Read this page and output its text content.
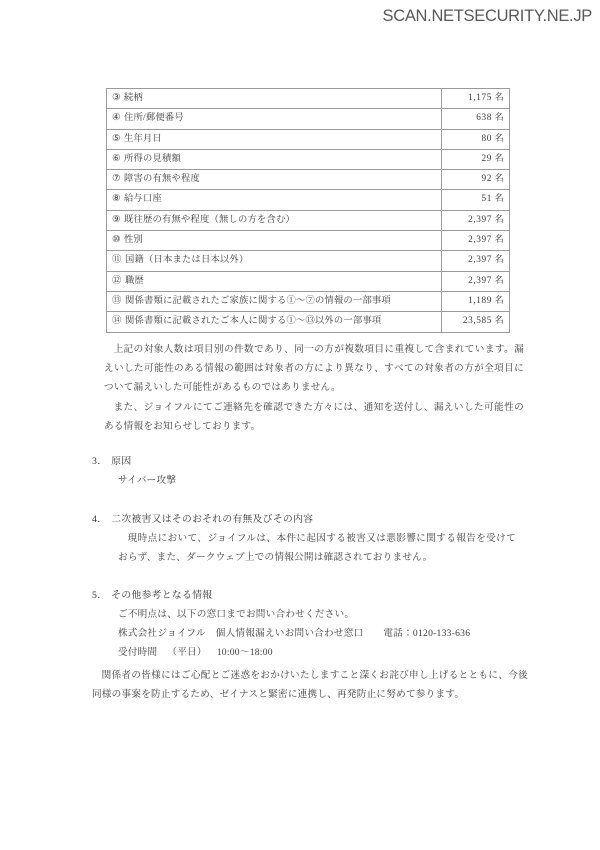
SCAN.NETSECURITY.NE.JP
③ 続柄	1,175 名
④ 住所/郵便番号	638 名
⑤ 生年月日	80 名
⑥ 所得の見積額	29 名
⑦ 障害の有無や程度	92 名
⑧ 給与口座	51 名
⑨ 既往歴の有無や程度（無しの方を含む）	2,397 名
⑩ 性別	2,397 名
⑪ 国籍（日本または日本以外）	2,397 名
⑫ 職歴	2,397 名
⑬ 関係書類に記載されたご家族に関する①～⑦の情報の一部事項	1,189 名
⑭ 関係書類に記載されたご本人に関する①～⑬以外の一部事項	23,585 名

上記の対象人数は項目別の件数であり、同一の方が複数項目に重複して含まれています。漏えいした可能性のある情報の範囲は対象者の方により異なり、すべての対象者の方が全項目について漏えいした可能性があるものではありません。

また、ジョイフルにてご連絡先を確認できた方々には、通知を送付し、漏えいした可能性のある情報をお知らせしております。

3． 原因
サイバー攻撃
4． 二次被害又はそのおそれの有無及びその内容
現時点において、ジョイフルは、本件に起因する被害又は悪影響に関する報告を受けておらず、また、ダークウェブ上での情報公開は確認されておりません。
5． その他参考となる情報
ご不明点は、以下の窓口までお問い合わせください。
株式会社ジョイフル 個人情報漏えいお問い合わせ窓口 電話：0120-133-636
受付時間 （平日） 10:00～18:00

関係者の皆様にはご心配とご迷惑をおかけいたしますこと深くお詫び申し上げるとともに、今後同様の事案を防止するため、ゼイナスと緊密に連携し、再発防止に努めて参ります。
